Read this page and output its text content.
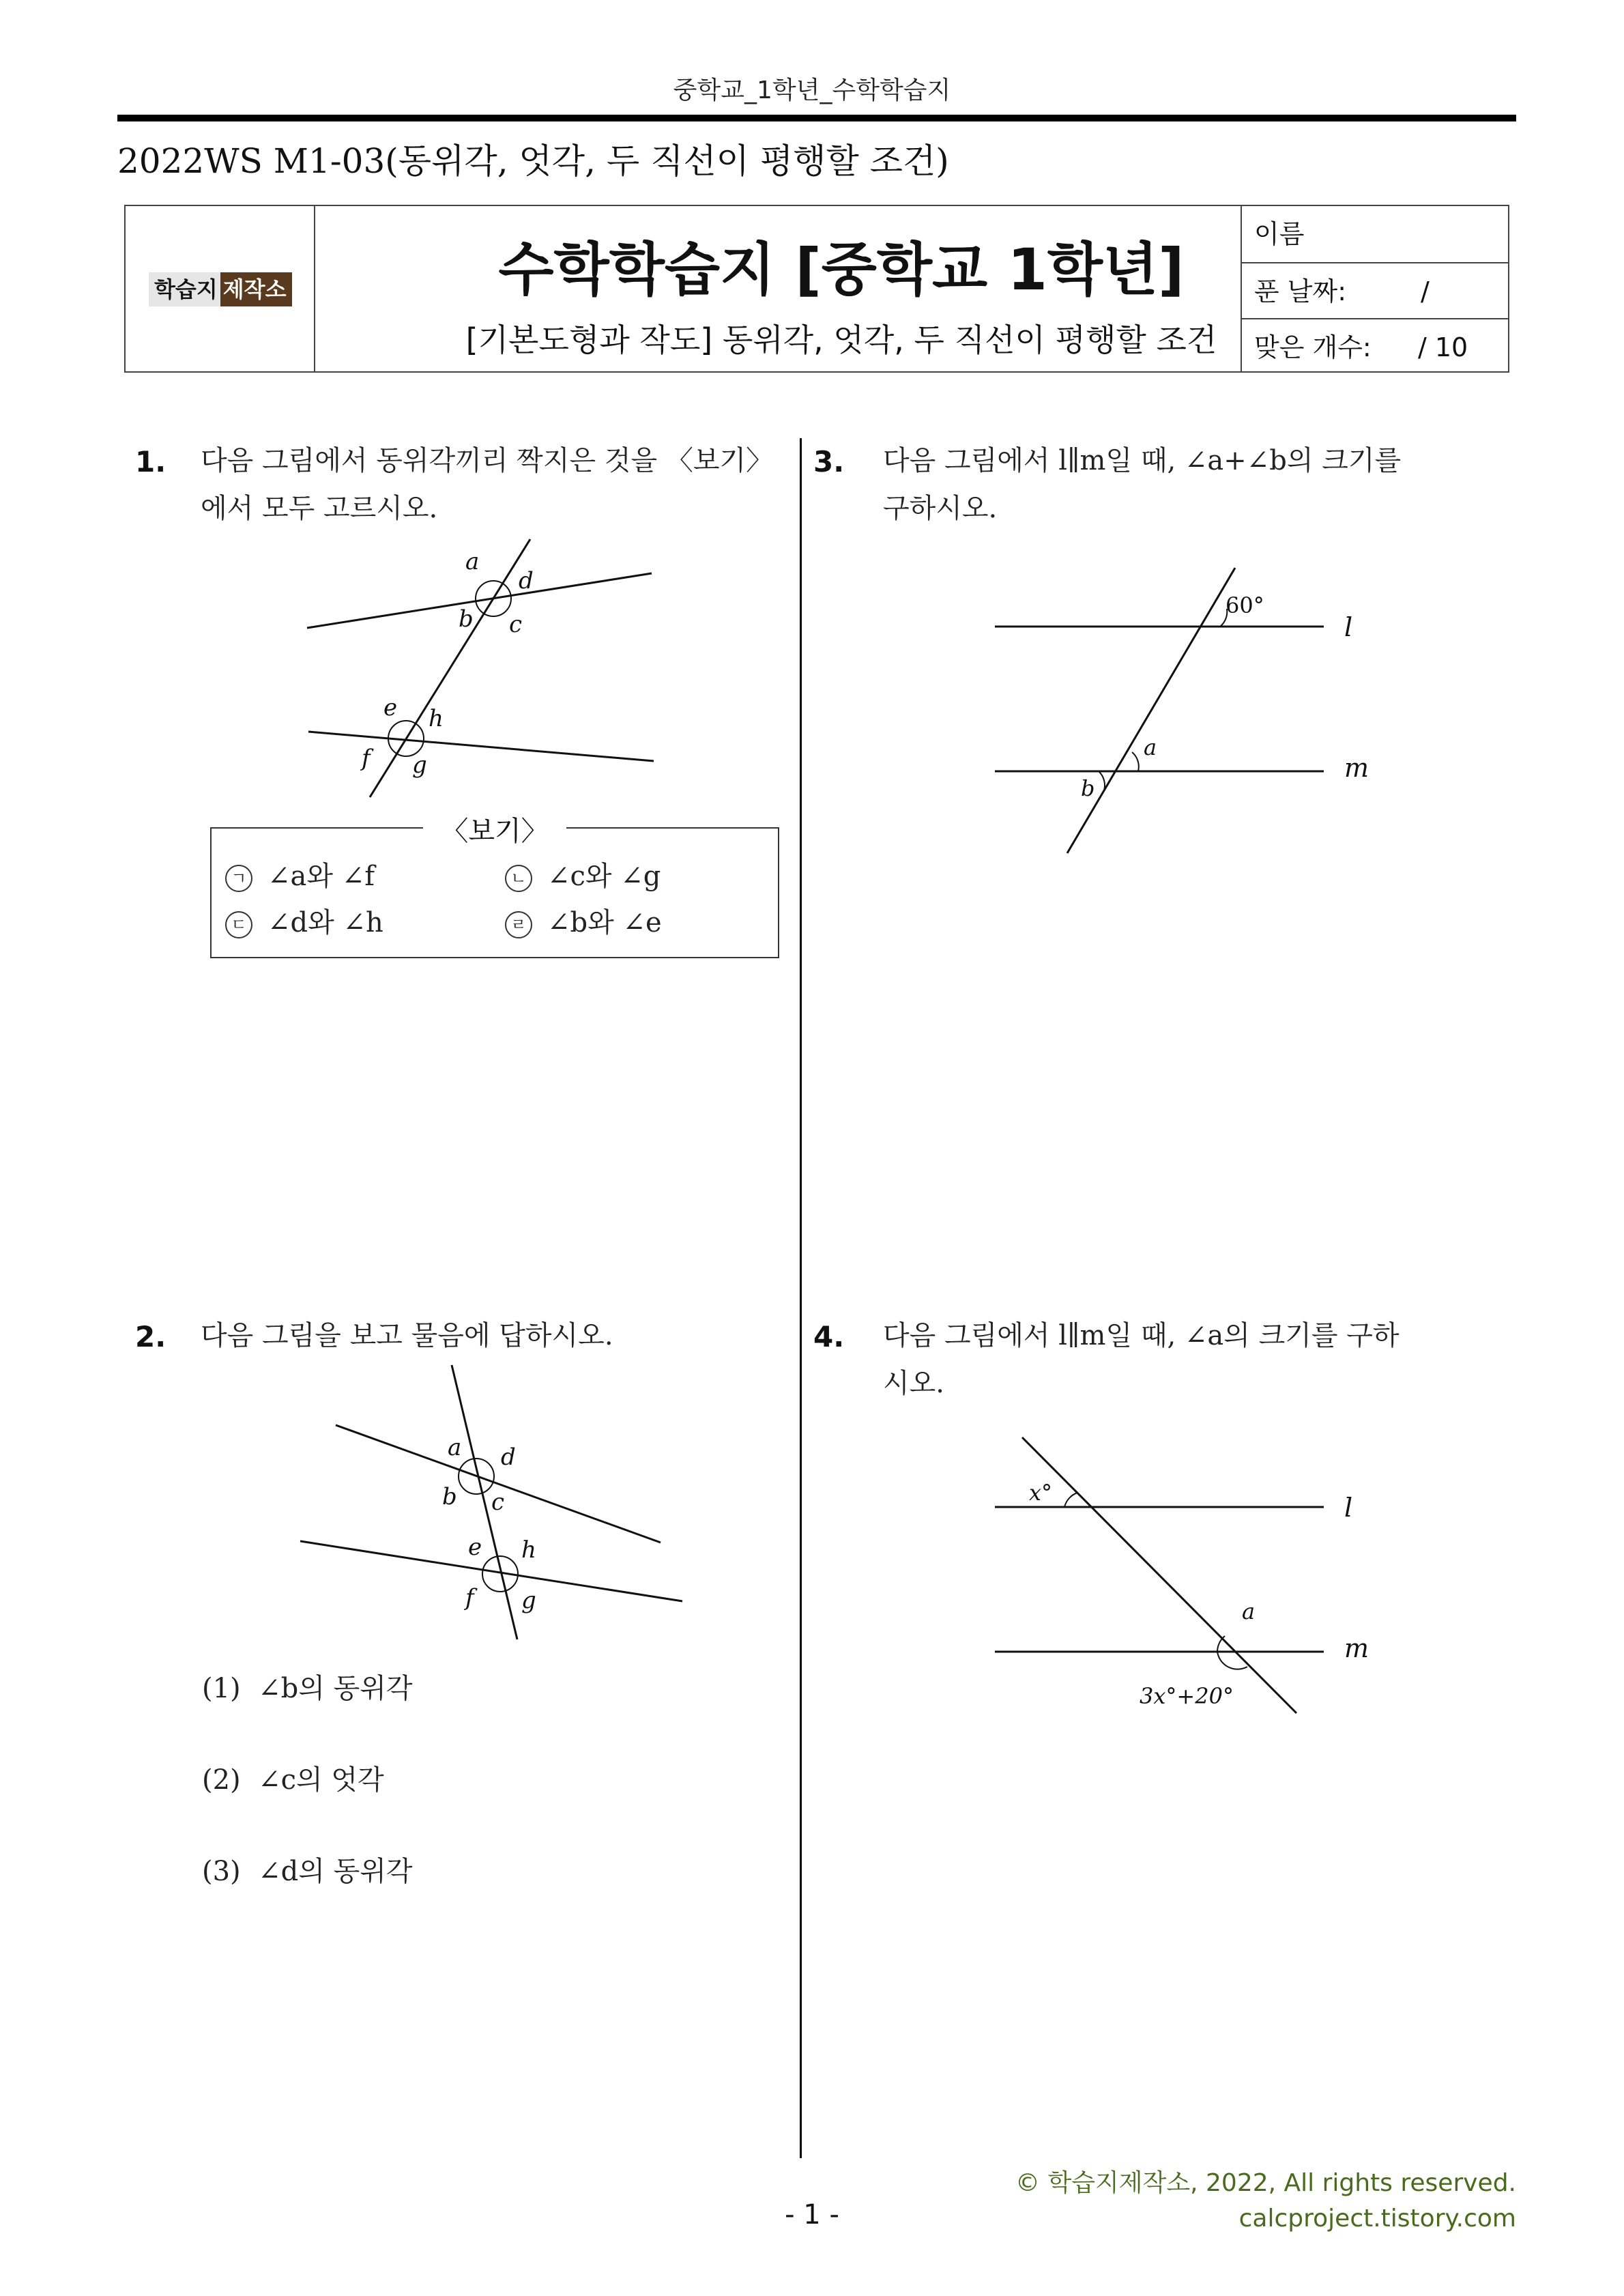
중학교_1학년_수학학습지
2022WS M1-03(동위각, 엇각, 두 직선이 평행할 조건)
학습지 제작소	수학학습지 [중학교 1학년]
[기본도형과 작도] 동위각, 엇각, 두 직선이 평행할 조건
이름
푼 날짜:	/
맞은 개수: / 10
1. 다음 그림에서 동위각끼리 짝지은 것을 〈보기〉
에서 모두 고르시오.
a
d
b c
e h
f g
ㄱ ∠a와 ∠f	ㄴ ∠c와 ∠g
ㄷ ∠d와 ∠h	ㄹ ∠b와 ∠e
〈보기〉
2. 다음 그림을 보고 물음에 답하시오.
a d
b c
e h
f g
(1) ∠b의 동위각
(2) ∠c의 엇각
(3) ∠d의 동위각
3. 다음 그림에서 l∥m일 때, ∠a+∠b의 크기를
구하시오.
60°
l
m
a
b
4. 다음 그림에서 l∥m일 때, ∠a의 크기를 구하
시오.
x°	l
m
a
3x°+20°
© 학습지제작소, 2022, All rights reserved.
calcproject.tistory.com
- 1 -
